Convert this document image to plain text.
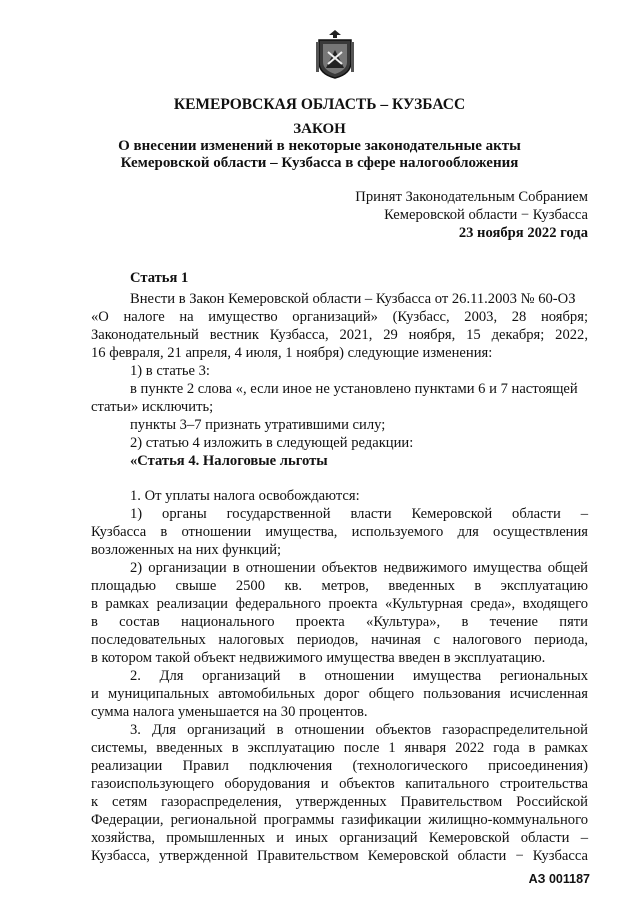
КЕМЕРОВСКАЯ ОБЛАСТЬ – КУЗБАСС
ЗАКОН
О внесении изменений в некоторые законодательные акты
Кемеровской области – Кузбасса в сфере налогообложения
Принят Законодательным Собранием
Кемеровской области − Кузбасса
23 ноября 2022 года
Статья 1
Внести в Закон Кемеровской области – Кузбасса от 26.11.2003 № 60-ОЗ
«О налоге на имущество организаций» (Кузбасс, 2003, 28 ноября;
Законодательный вестник Кузбасса, 2021, 29 ноября, 15 декабря; 2022,
16 февраля, 21 апреля, 4 июля, 1 ноября) следующие изменения:
1) в статье 3:
в пункте 2 слова «, если иное не установлено пунктами 6 и 7 настоящей
статьи» исключить;
пункты 3–7 признать утратившими силу;
2) статью 4 изложить в следующей редакции:
«Статья 4. Налоговые льготы
1. От уплаты налога освобождаются:
1) органы государственной власти Кемеровской области –
Кузбасса в отношении имущества, используемого для осуществления
возложенных на них функций;
2) организации в отношении объектов недвижимого имущества общей
площадью свыше 2500 кв. метров, введенных в эксплуатацию
в рамках реализации федерального проекта «Культурная среда», входящего
в состав национального проекта «Культура», в течение пяти
последовательных налоговых периодов, начиная с налогового периода,
в котором такой объект недвижимого имущества введен в эксплуатацию.
2. Для организаций в отношении имущества региональных
и муниципальных автомобильных дорог общего пользования исчисленная
сумма налога уменьшается на 30 процентов.
3. Для организаций в отношении объектов газораспределительной
системы, введенных в эксплуатацию после 1 января 2022 года в рамках
реализации Правил подключения (технологического присоединения)
газоиспользующего оборудования и объектов капитального строительства
к сетям газораспределения, утвержденных Правительством Российской
Федерации, региональной программы газификации жилищно-коммунального
хозяйства, промышленных и иных организаций Кемеровской области –
Кузбасса, утвержденной Правительством Кемеровской области − Кузбасса
АЗ 001187
